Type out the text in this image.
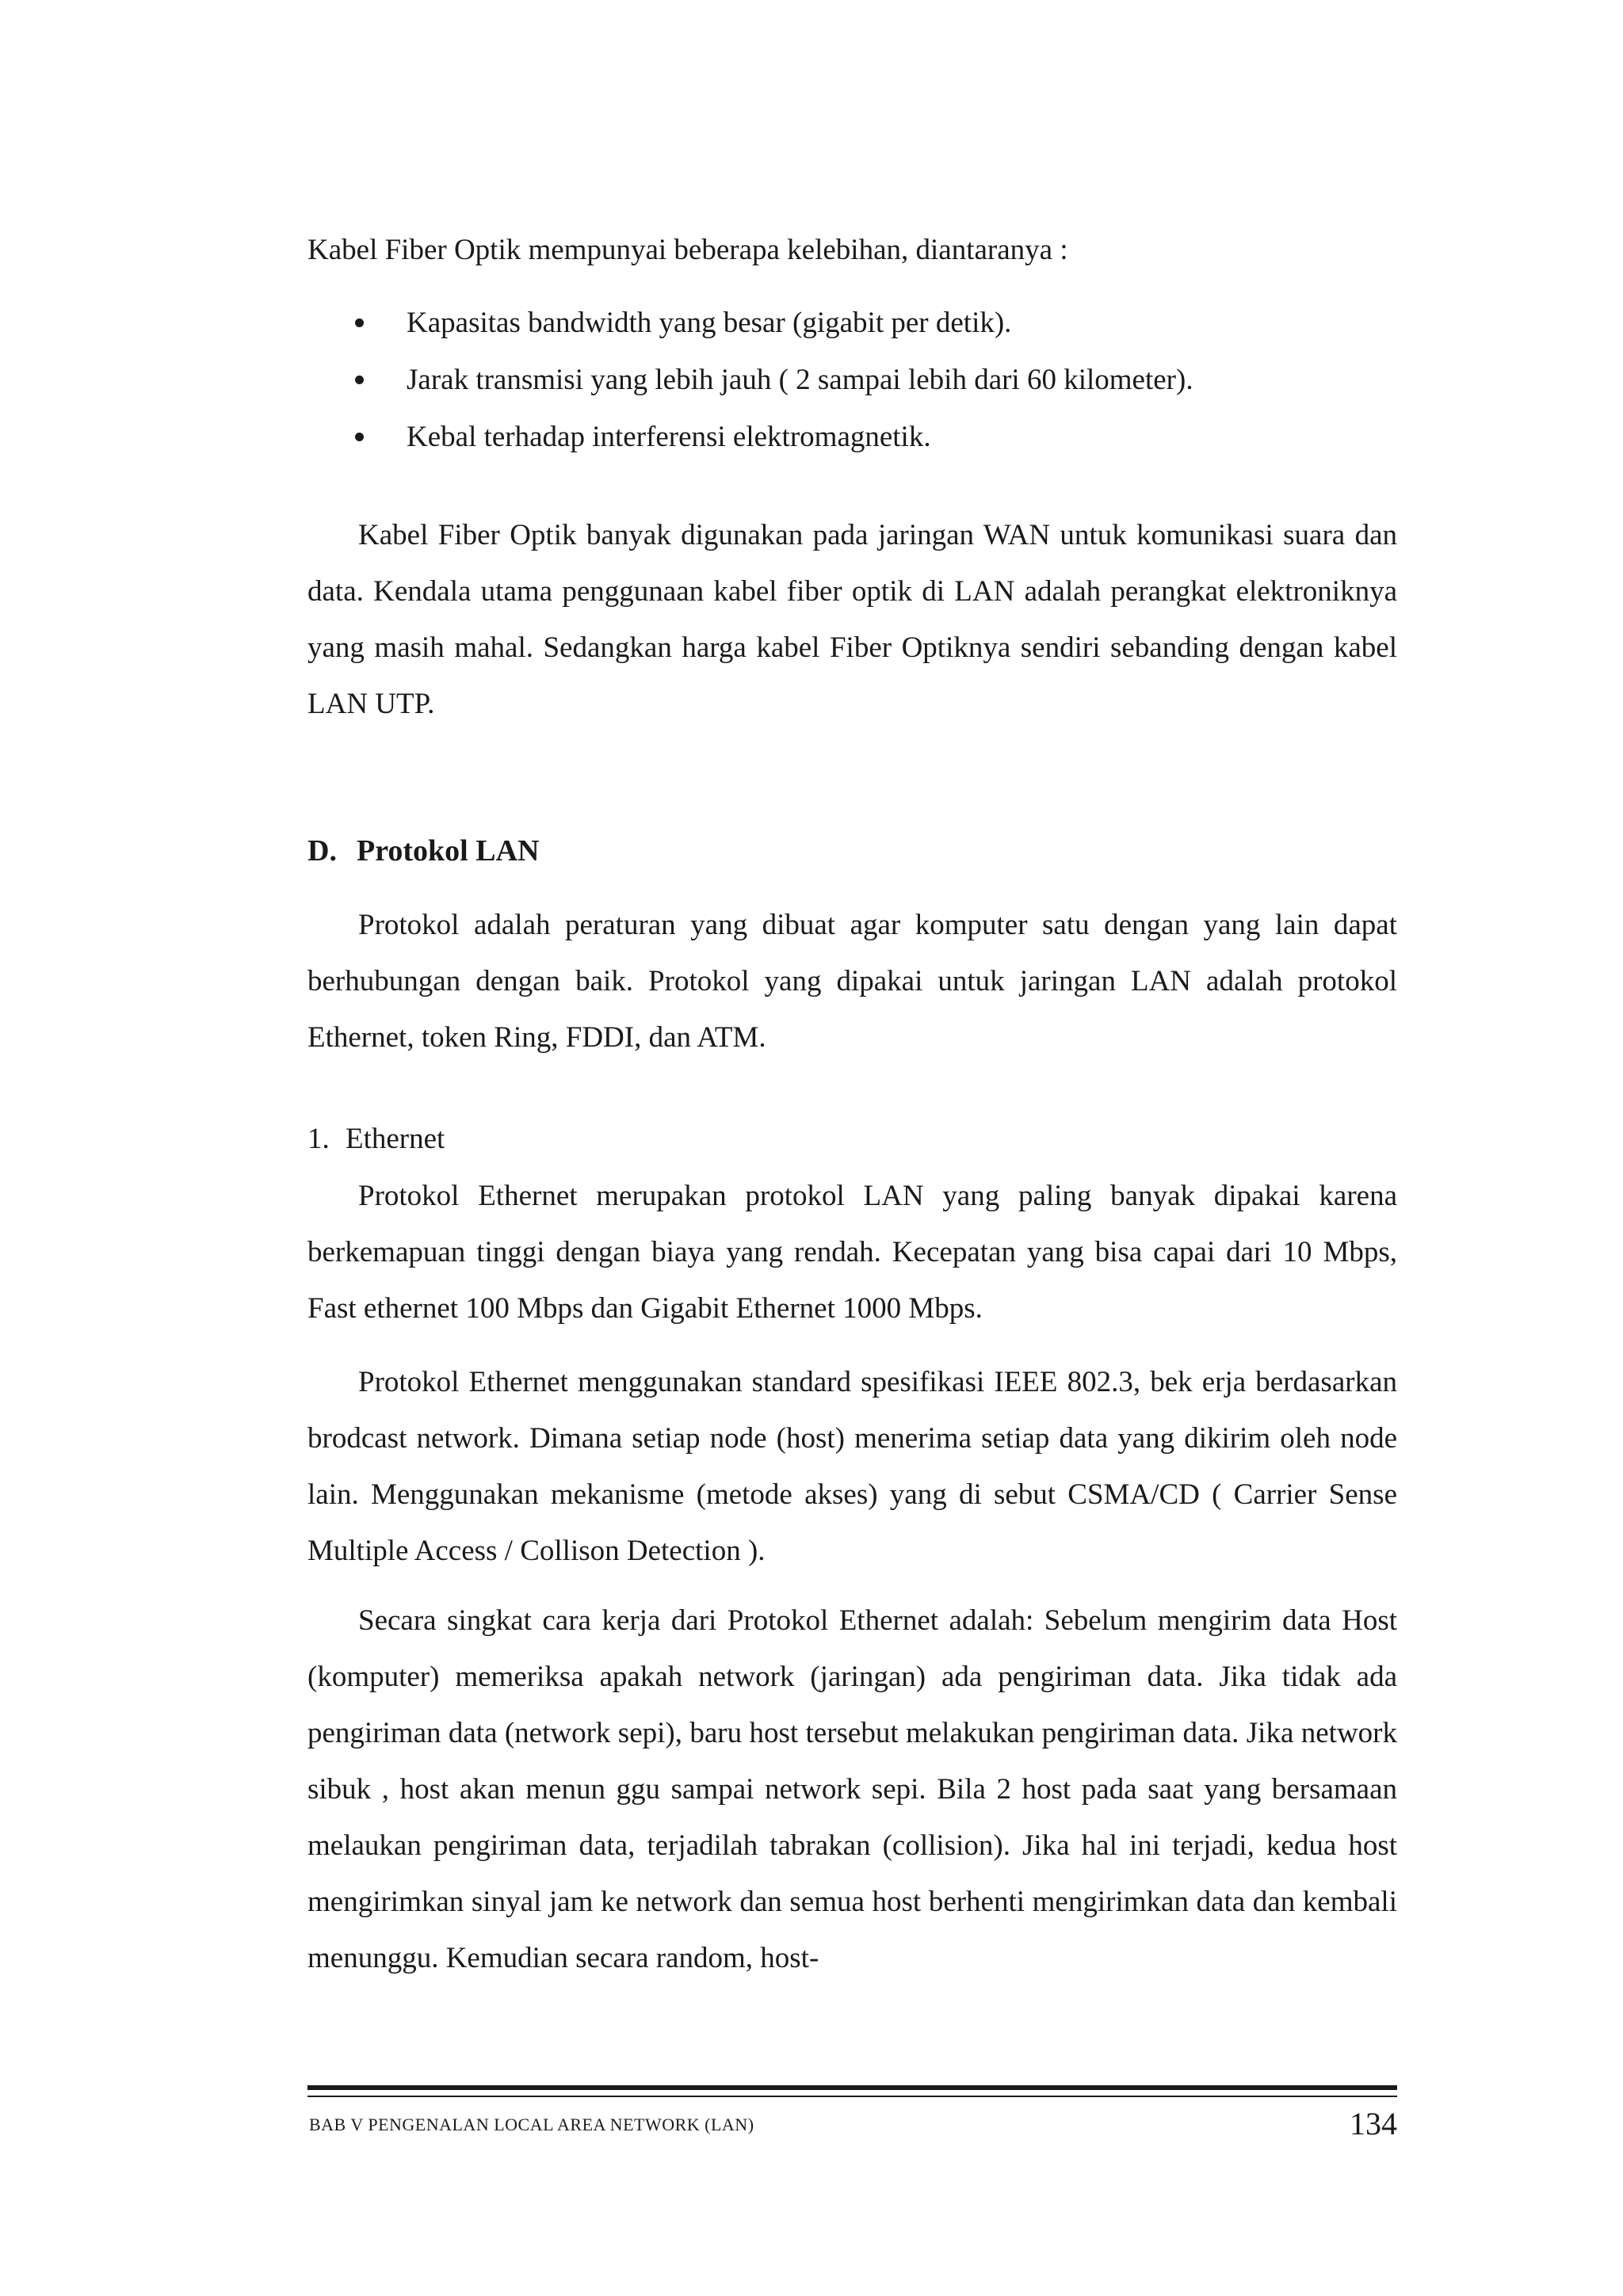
Kabel Fiber Optik mempunyai beberapa kelebihan, diantaranya :
Kapasitas bandwidth yang besar (gigabit per detik).
Jarak transmisi yang lebih jauh ( 2 sampai lebih dari 60 kilometer).
Kebal terhadap interferensi elektromagnetik.

Kabel Fiber Optik banyak digunakan pada jaringan WAN untuk komunikasi suara dan data. Kendala utama penggunaan kabel fiber optik di LAN adalah perangkat elektroniknya yang masih mahal. Sedangkan harga kabel Fiber Optiknya sendiri sebanding dengan kabel LAN UTP.

D. Protokol LAN

Protokol adalah peraturan yang dibuat agar komputer satu dengan yang lain dapat berhubungan dengan baik. Protokol yang dipakai untuk jaringan LAN adalah protokol Ethernet, token Ring, FDDI, dan ATM.

1. Ethernet

Protokol Ethernet merupakan protokol LAN yang paling banyak dipakai karena berkemapuan tinggi dengan biaya yang rendah. Kecepatan yang bisa capai dari 10 Mbps, Fast ethernet 100 Mbps dan Gigabit Ethernet 1000 Mbps.

Protokol Ethernet menggunakan standard spesifikasi IEEE 802.3, bek erja berdasarkan brodcast network. Dimana setiap node (host) menerima setiap data yang dikirim oleh node lain. Menggunakan mekanisme (metode akses) yang di sebut CSMA/CD ( Carrier Sense Multiple Access / Collison Detection ).

Secara singkat cara kerja dari Protokol Ethernet adalah: Sebelum mengirim data Host (komputer) memeriksa apakah network (jaringan) ada pengiriman data. Jika tidak ada pengiriman data (network sepi), baru host tersebut melakukan pengiriman data. Jika network sibuk , host akan menun ggu sampai network sepi. Bila 2 host pada saat yang bersamaan melaukan pengiriman data, terjadilah tabrakan (collision). Jika hal ini terjadi, kedua host mengirimkan sinyal jam ke network dan semua host berhenti mengirimkan data dan kembali menunggu. Kemudian secara random, host-

BAB V PENGENALAN LOCAL AREA NETWORK (LAN)	134
